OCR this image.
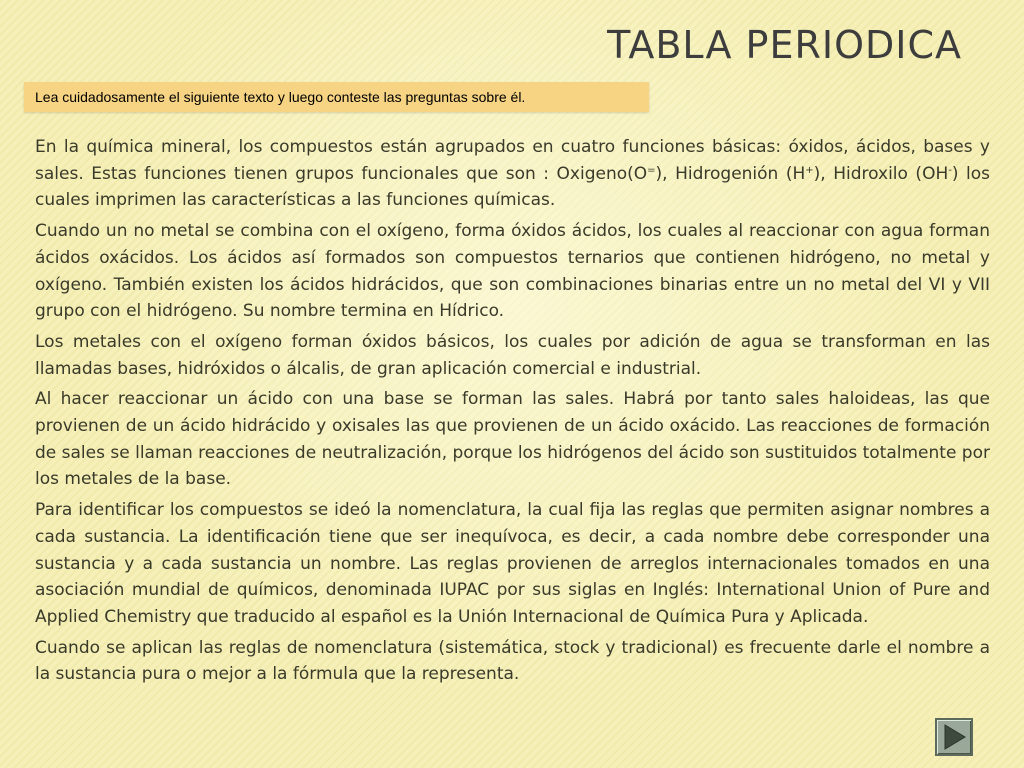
TABLA PERIODICA
Lea cuidadosamente el siguiente texto y luego conteste las preguntas sobre él.

En la química mineral, los compuestos están agrupados en cuatro funciones básicas: óxidos, ácidos, bases y sales. Estas funciones tienen grupos funcionales que son : Oxigeno(O=), Hidrogenión (H+), Hidroxilo (OH-) los cuales imprimen las características a las funciones químicas.

Cuando un no metal se combina con el oxígeno, forma óxidos ácidos, los cuales al reaccionar con agua forman ácidos oxácidos. Los ácidos así formados son compuestos ternarios que contienen hidrógeno, no metal y oxígeno. También existen los ácidos hidrácidos, que son combinaciones binarias entre un no metal del VI y VII grupo con el hidrógeno. Su nombre termina en Hídrico.

Los metales con el oxígeno forman óxidos básicos, los cuales por adición de agua se transforman en las llamadas bases, hidróxidos o álcalis, de gran aplicación comercial e industrial.

Al hacer reaccionar un ácido con una base se forman las sales. Habrá por tanto sales haloideas, las que provienen de un ácido hidrácido y oxisales las que provienen de un ácido oxácido. Las reacciones de formación de sales se llaman reacciones de neutralización, porque los hidrógenos del ácido son sustituidos totalmente por los metales de la base.

Para identificar los compuestos se ideó la nomenclatura, la cual fija las reglas que permiten asignar nombres a cada sustancia. La identificación tiene que ser inequívoca, es decir, a cada nombre debe corresponder una sustancia y a cada sustancia un nombre. Las reglas provienen de arreglos internacionales tomados en una asociación mundial de químicos, denominada IUPAC por sus siglas en Inglés: International Union of Pure and Applied Chemistry que traducido al español es la Unión Internacional de Química Pura y Aplicada.

Cuando se aplican las reglas de nomenclatura (sistemática, stock y tradicional) es frecuente darle el nombre a la sustancia pura o mejor a la fórmula que la representa.
